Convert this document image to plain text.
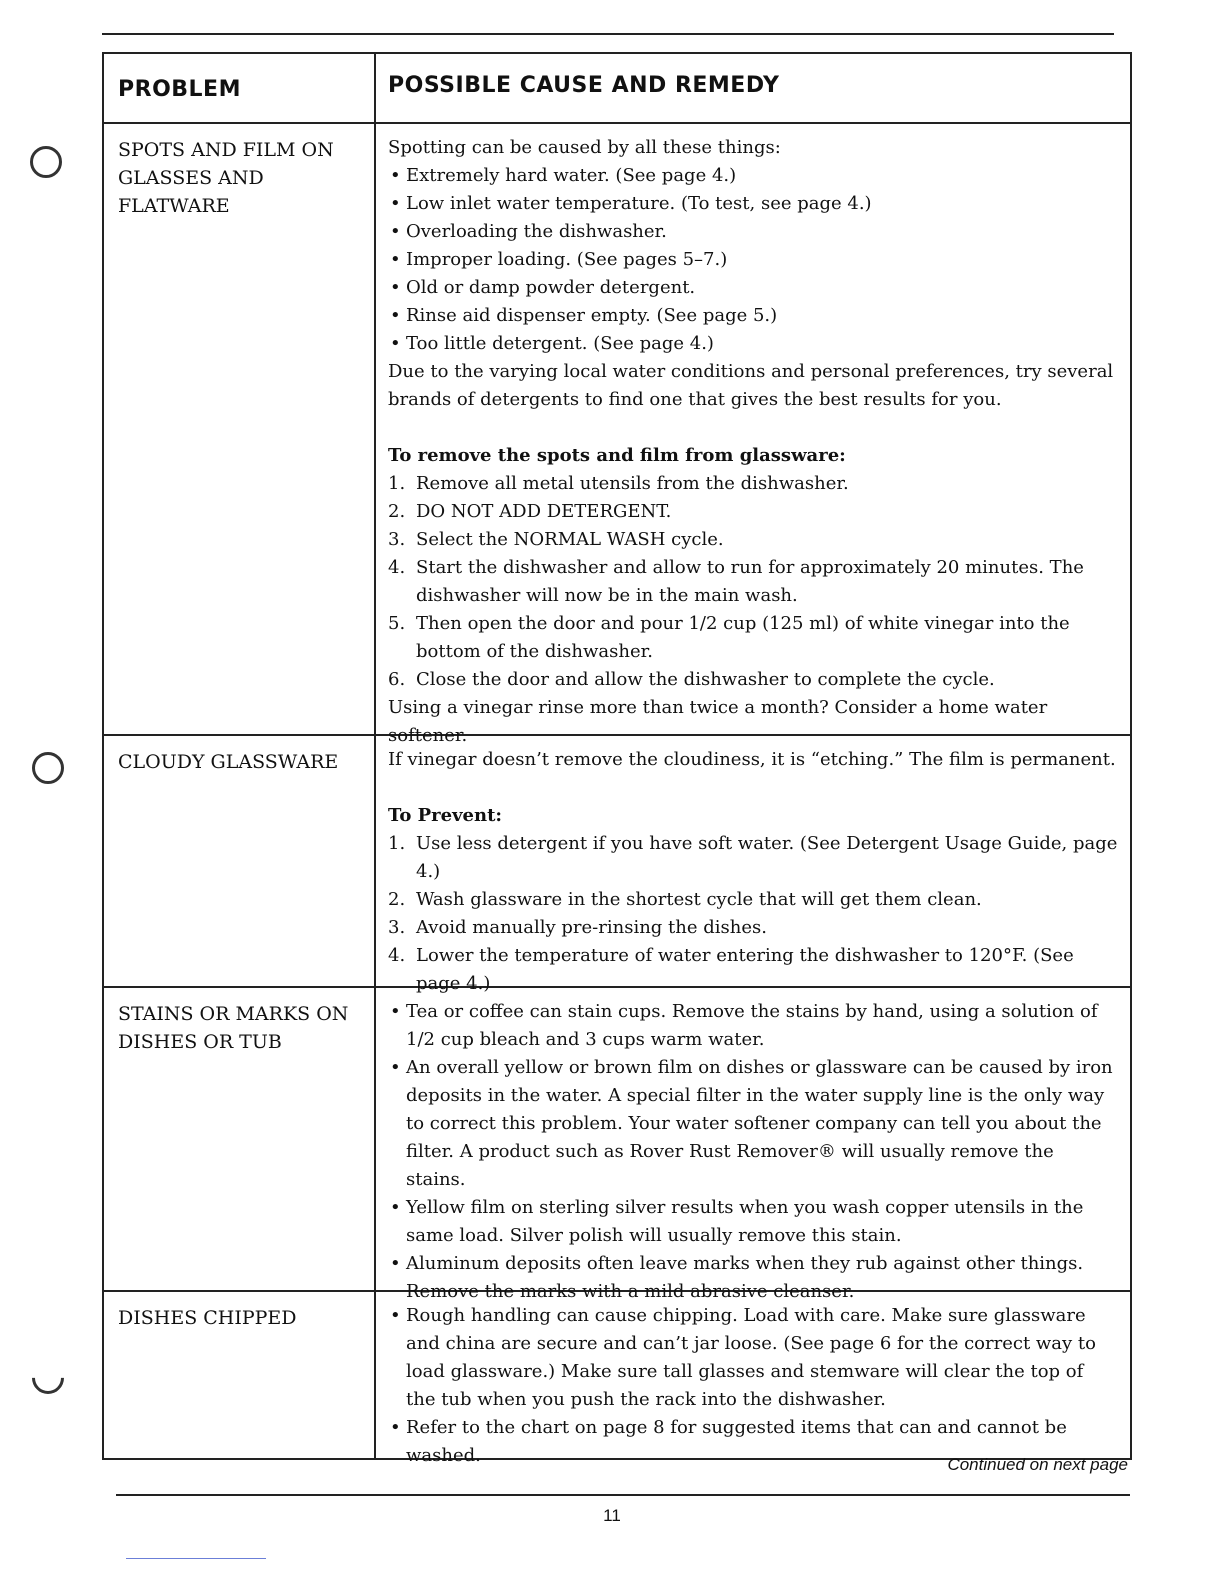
PROBLEM	POSSIBLE CAUSE AND REMEDY
SPOTS AND FILM ON
GLASSES AND
FLATWARE

Spotting can be caused by all these things:

• Extremely hard water. (See page 4.)
• Low inlet water temperature. (To test, see page 4.)
• Overloading the dishwasher.
• Improper loading. (See pages 5–7.)
• Old or damp powder detergent.
• Rinse aid dispenser empty. (See page 5.)
• Too little detergent. (See page 4.)

Due to the varying local water conditions and personal preferences, try several brands of detergents to find one that gives the best results for you.

To remove the spots and film from glassware:

1. Remove all metal utensils from the dishwasher.
2. DO NOT ADD DETERGENT.
3. Select the NORMAL WASH cycle.
4. Start the dishwasher and allow to run for approximately 20 minutes. The dishwasher will now be in the main wash.
5. Then open the door and pour 1/2 cup (125 ml) of white vinegar into the bottom of the dishwasher.
6. Close the door and allow the dishwasher to complete the cycle.

Using a vinegar rinse more than twice a month? Consider a home water softener.

CLOUDY GLASSWARE	If vinegar doesn’t remove the cloudiness, it is “etching.” The film is permanent.

To Prevent:

1. Use less detergent if you have soft water. (See Detergent Usage Guide, page 4.)
2. Wash glassware in the shortest cycle that will get them clean.
3. Avoid manually pre-rinsing the dishes.
4. Lower the temperature of water entering the dishwasher to 120°F. (See page 4.)
STAINS OR MARKS ON
DISHES OR TUB
• Tea or coffee can stain cups. Remove the stains by hand, using a solution of 1/2 cup bleach and 3 cups warm water.
• An overall yellow or brown film on dishes or glassware can be caused by iron deposits in the water. A special filter in the water supply line is the only way to correct this problem. Your water softener company can tell you about the filter. A product such as Rover Rust Remover® will usually remove the stains.
• Yellow film on sterling silver results when you wash copper utensils in the same load. Silver polish will usually remove this stain.
• Aluminum deposits often leave marks when they rub against other things. Remove the marks with a mild abrasive cleanser.
DISHES CHIPPED
•	Rough handling can cause chipping. Load with care. Make sure glassware and china are secure and can’t jar loose. (See page 6 for the correct way to load glassware.) Make sure tall glasses and stemware will clear the top of the tub when you push the rack into the dishwasher.
• Refer to the chart on page 8 for suggested items that can and cannot be washed.	Continued on next page
11
